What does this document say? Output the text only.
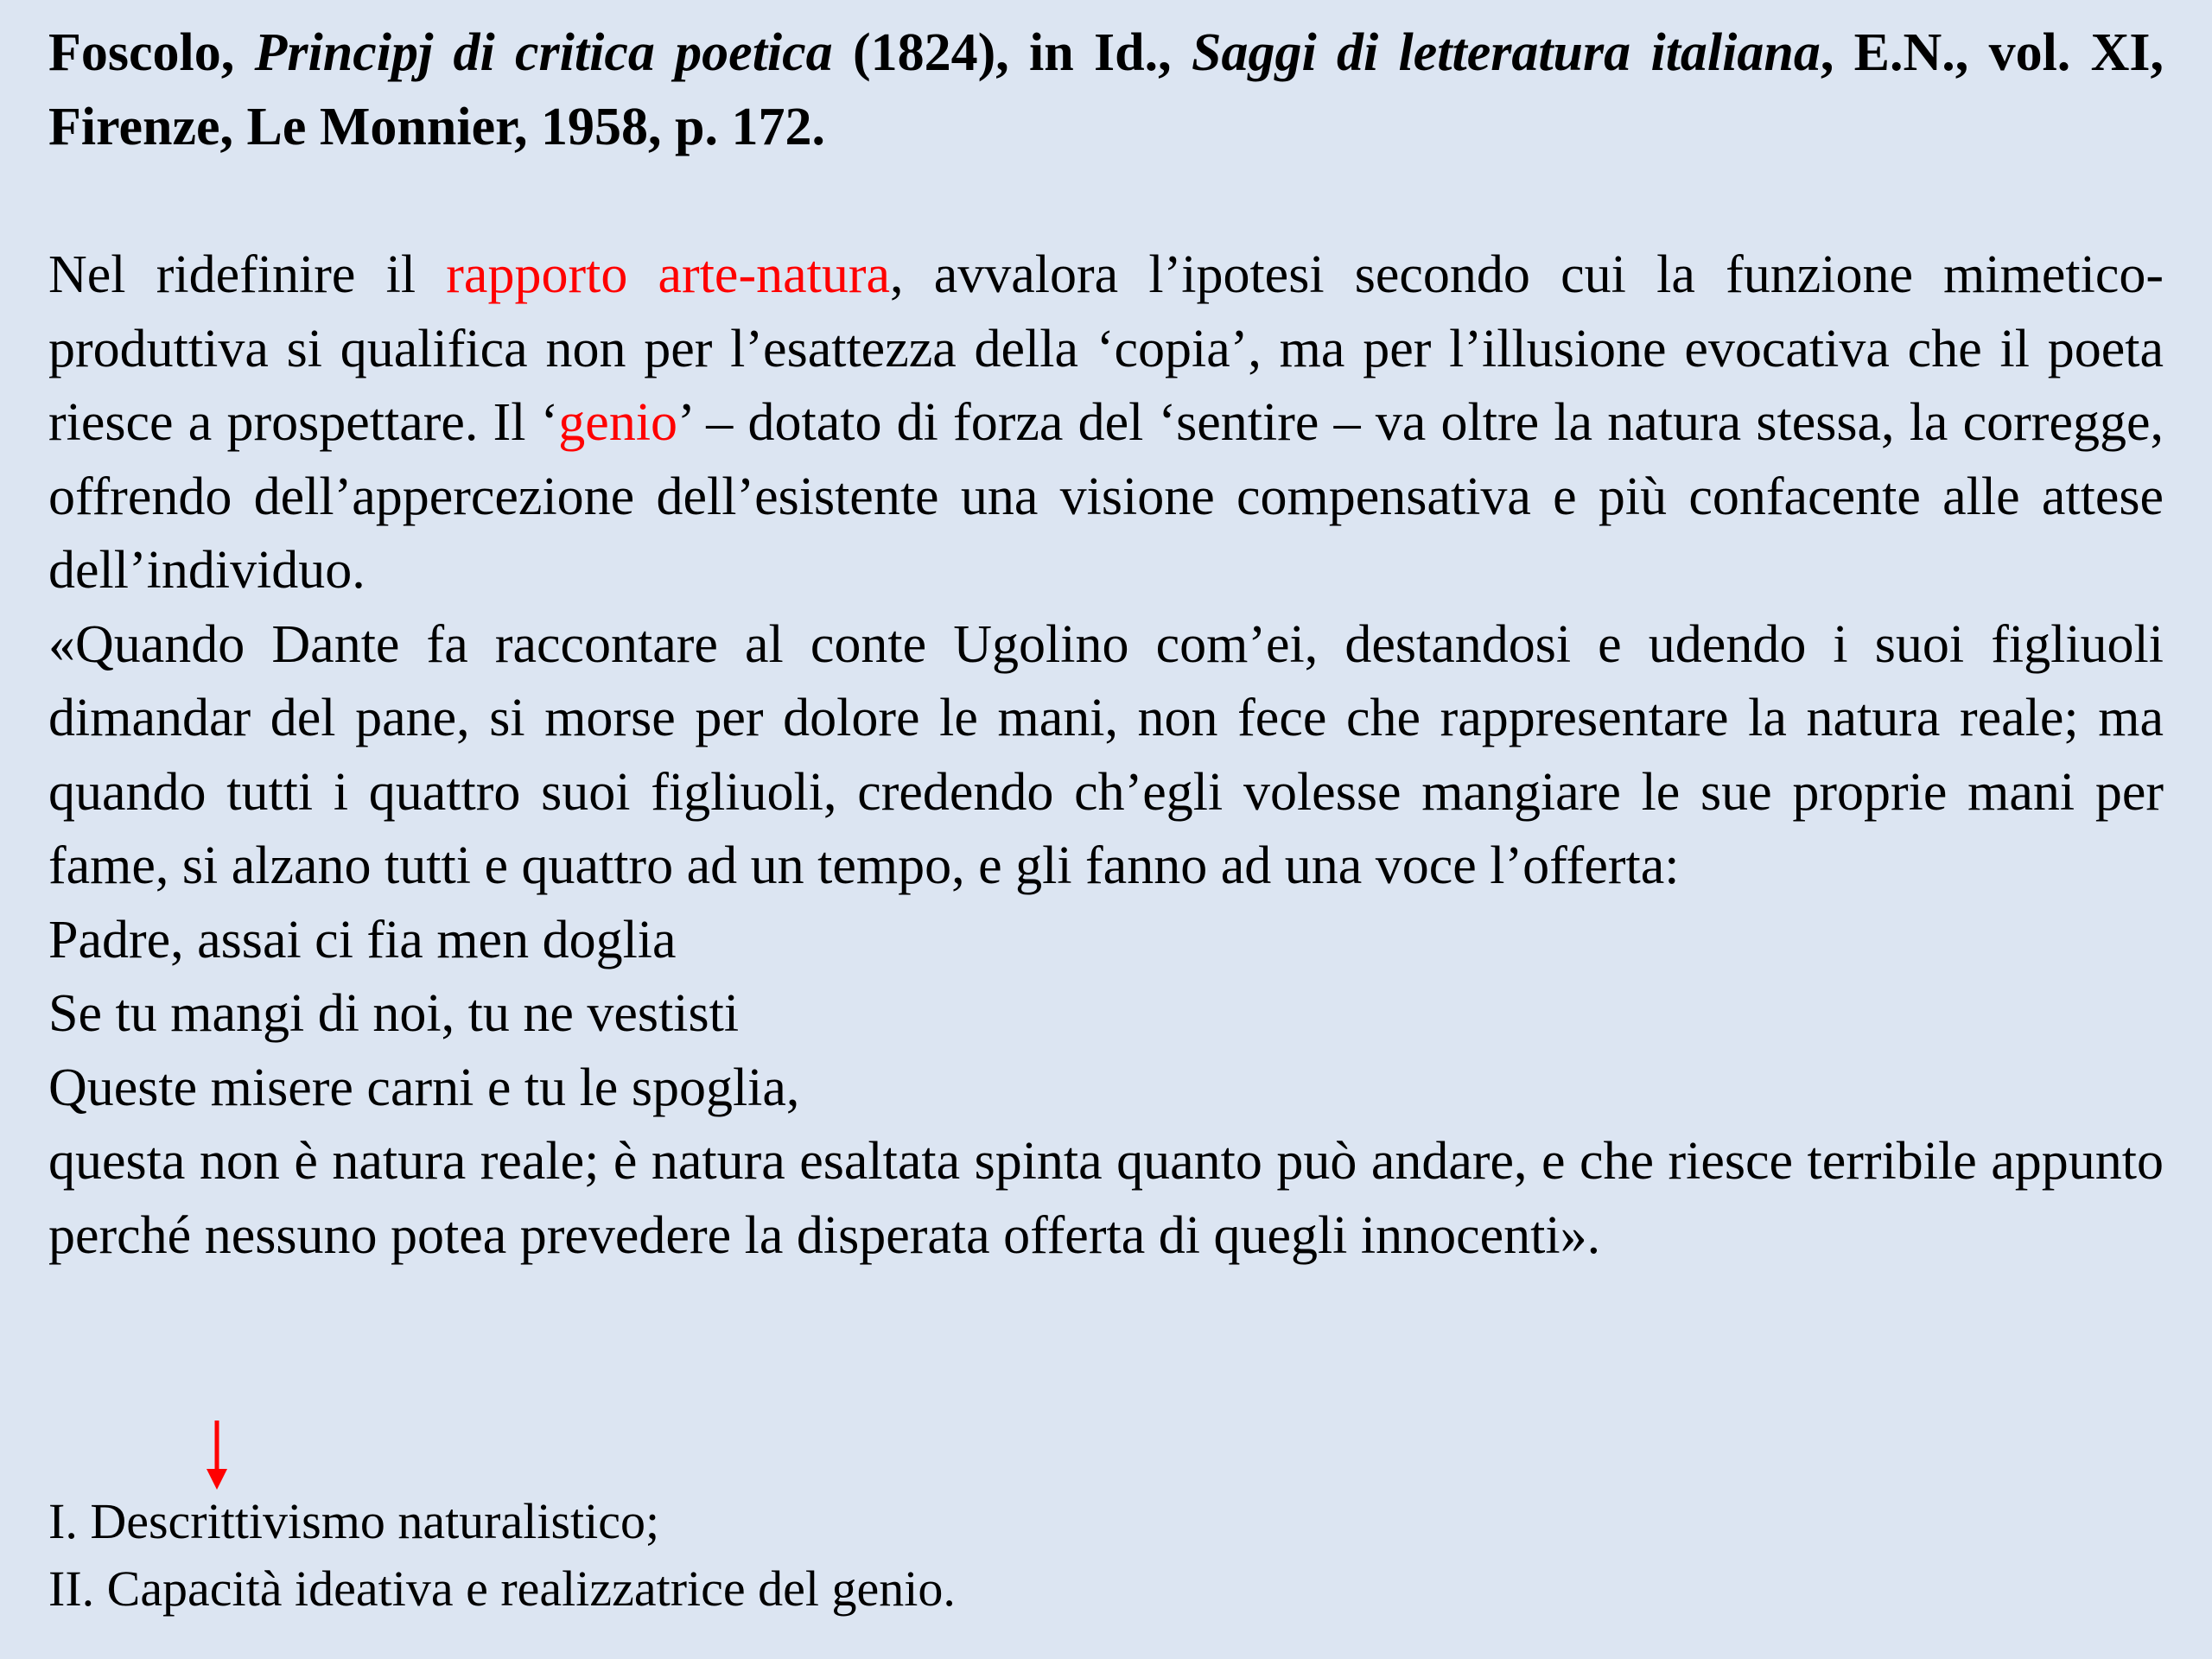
Foscolo, Principj di critica poetica (1824), in Id., Saggi di letteratura italiana, E.N., vol. XI, Firenze, Le Monnier, 1958, p. 172.

Nel ridefinire il rapporto arte-natura, avvalora l’ipotesi secondo cui la funzione mimetico-produttiva si qualifica non per l’esattezza della ‘copia’, ma per l’illusione evocativa che il poeta riesce a prospettare. Il ‘genio’ – dotato di forza del ‘sentire – va oltre la natura stessa, la corregge, offrendo dell’appercezione dell’esistente una visione compensativa e più confacente alle attese dell’individuo.

«Quando Dante fa raccontare al conte Ugolino com’ei, destandosi e udendo i suoi figliuoli dimandar del pane, si morse per dolore le mani, non fece che rappresentare la natura reale; ma quando tutti i quattro suoi figliuoli, credendo ch’egli volesse mangiare le sue proprie mani per fame, si alzano tutti e quattro ad un tempo, e gli fanno ad una voce l’offerta:

Padre, assai ci fia men doglia

Se tu mangi di noi, tu ne vestisti

Queste misere carni e tu le spoglia,

questa non è natura reale; è natura esaltata spinta quanto può andare, e che riesce terribile appunto perché nessuno potea prevedere la disperata offerta di quegli innocenti».

I. Descrittivismo naturalistico;
II. Capacità ideativa e realizzatrice del genio.
